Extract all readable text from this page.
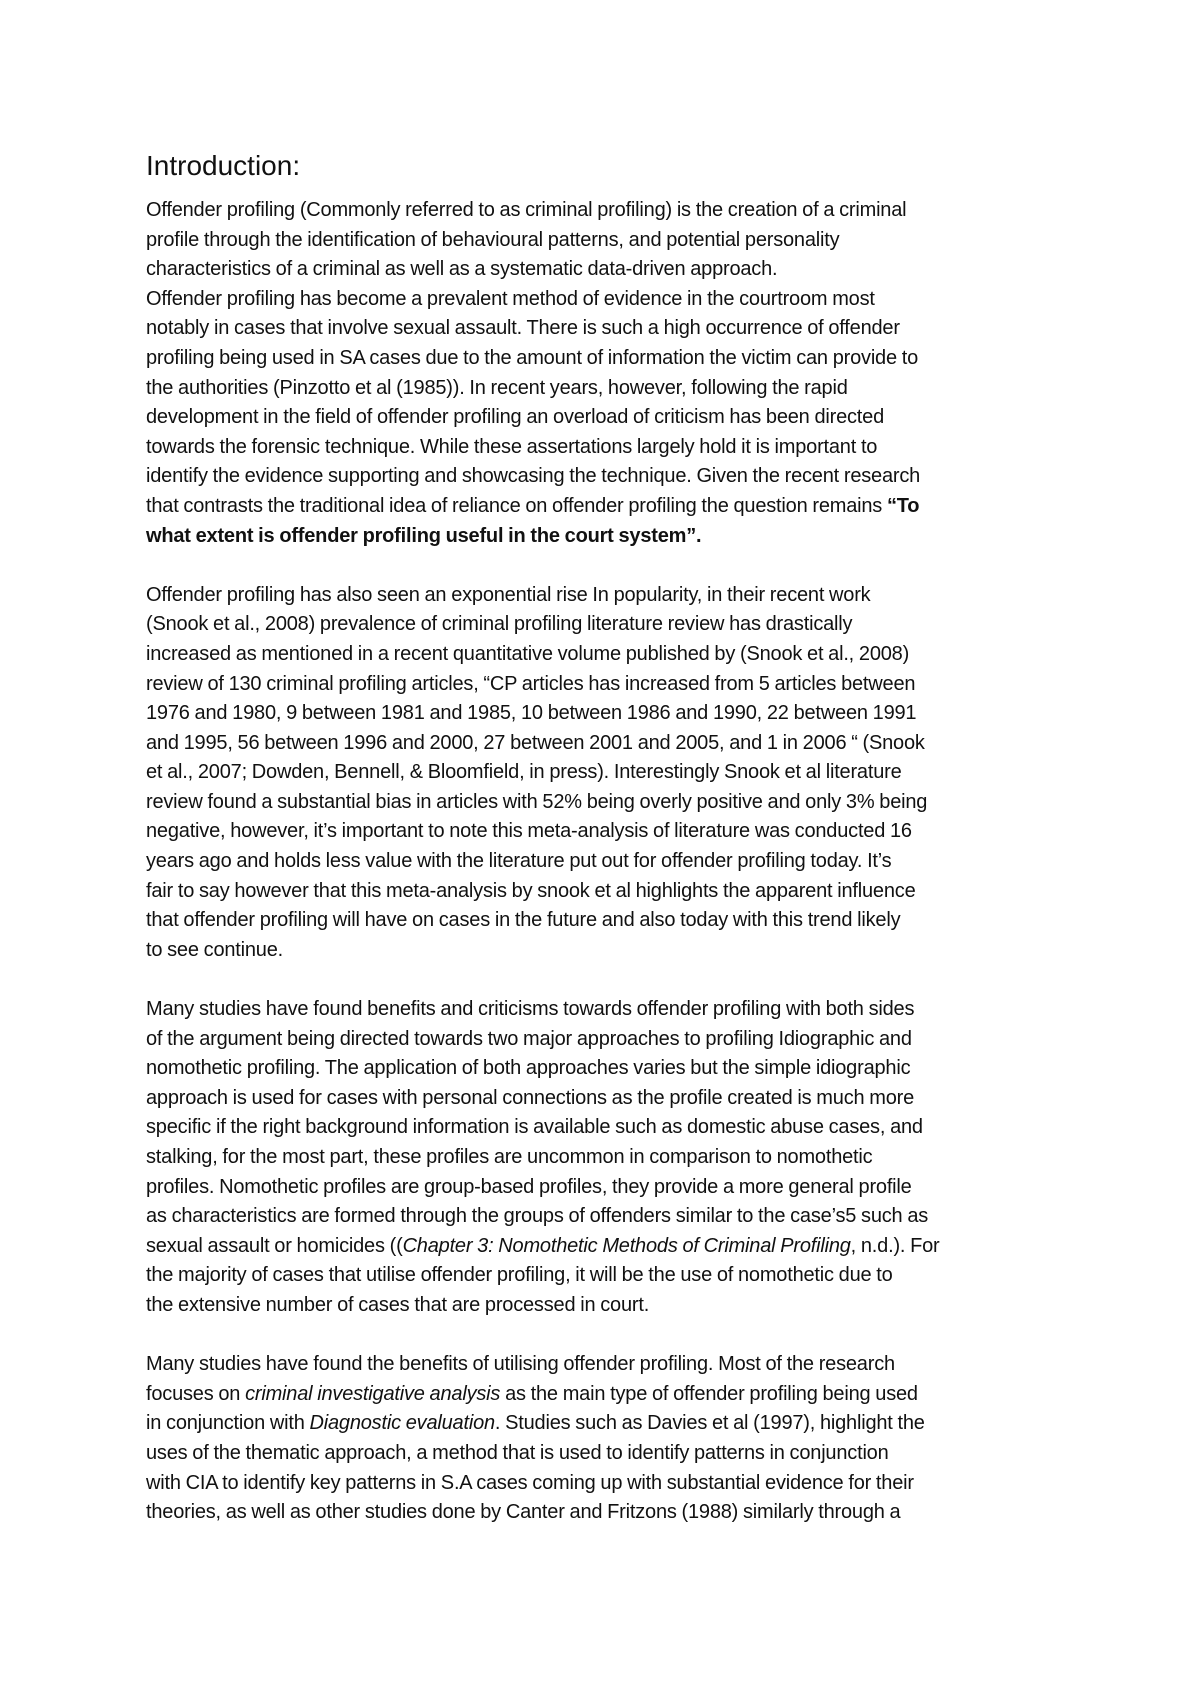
Introduction:
Offender profiling (Commonly referred to as criminal profiling) is the creation of a criminal
profile through the identification of behavioural patterns, and potential personality
characteristics of a criminal as well as a systematic data-driven approach.
Offender profiling has become a prevalent method of evidence in the courtroom most
notably in cases that involve sexual assault. There is such a high occurrence of offender
profiling being used in SA cases due to the amount of information the victim can provide to
the authorities (Pinzotto et al (1985)). In recent years, however, following the rapid
development in the field of offender profiling an overload of criticism has been directed
towards the forensic technique. While these assertations largely hold it is important to
identify the evidence supporting and showcasing the technique. Given the recent research
that contrasts the traditional idea of reliance on offender profiling the question remains “To
what extent is offender profiling useful in the court system”.
Offender profiling has also seen an exponential rise In popularity, in their recent work
(Snook et al., 2008) prevalence of criminal profiling literature review has drastically
increased as mentioned in a recent quantitative volume published by (Snook et al., 2008)
review of 130 criminal profiling articles, “CP articles has increased from 5 articles between
1976 and 1980, 9 between 1981 and 1985, 10 between 1986 and 1990, 22 between 1991
and 1995, 56 between 1996 and 2000, 27 between 2001 and 2005, and 1 in 2006 “ (Snook
et al., 2007; Dowden, Bennell, & Bloomfield, in press). Interestingly Snook et al literature
review found a substantial bias in articles with 52% being overly positive and only 3% being
negative, however, it’s important to note this meta-analysis of literature was conducted 16
years ago and holds less value with the literature put out for offender profiling today. It’s
fair to say however that this meta-analysis by snook et al highlights the apparent influence
that offender profiling will have on cases in the future and also today with this trend likely
to see continue.
Many studies have found benefits and criticisms towards offender profiling with both sides
of the argument being directed towards two major approaches to profiling Idiographic and
nomothetic profiling. The application of both approaches varies but the simple idiographic
approach is used for cases with personal connections as the profile created is much more
specific if the right background information is available such as domestic abuse cases, and
stalking, for the most part, these profiles are uncommon in comparison to nomothetic
profiles. Nomothetic profiles are group-based profiles, they provide a more general profile
as characteristics are formed through the groups of offenders similar to the case’s5 such as
sexual assault or homicides ((Chapter 3: Nomothetic Methods of Criminal Profiling, n.d.). For
the majority of cases that utilise offender profiling, it will be the use of nomothetic due to
the extensive number of cases that are processed in court.
Many studies have found the benefits of utilising offender profiling. Most of the research
focuses on criminal investigative analysis as the main type of offender profiling being used
in conjunction with Diagnostic evaluation. Studies such as Davies et al (1997), highlight the
uses of the thematic approach, a method that is used to identify patterns in conjunction
with CIA to identify key patterns in S.A cases coming up with substantial evidence for their
theories, as well as other studies done by Canter and Fritzons (1988) similarly through a
